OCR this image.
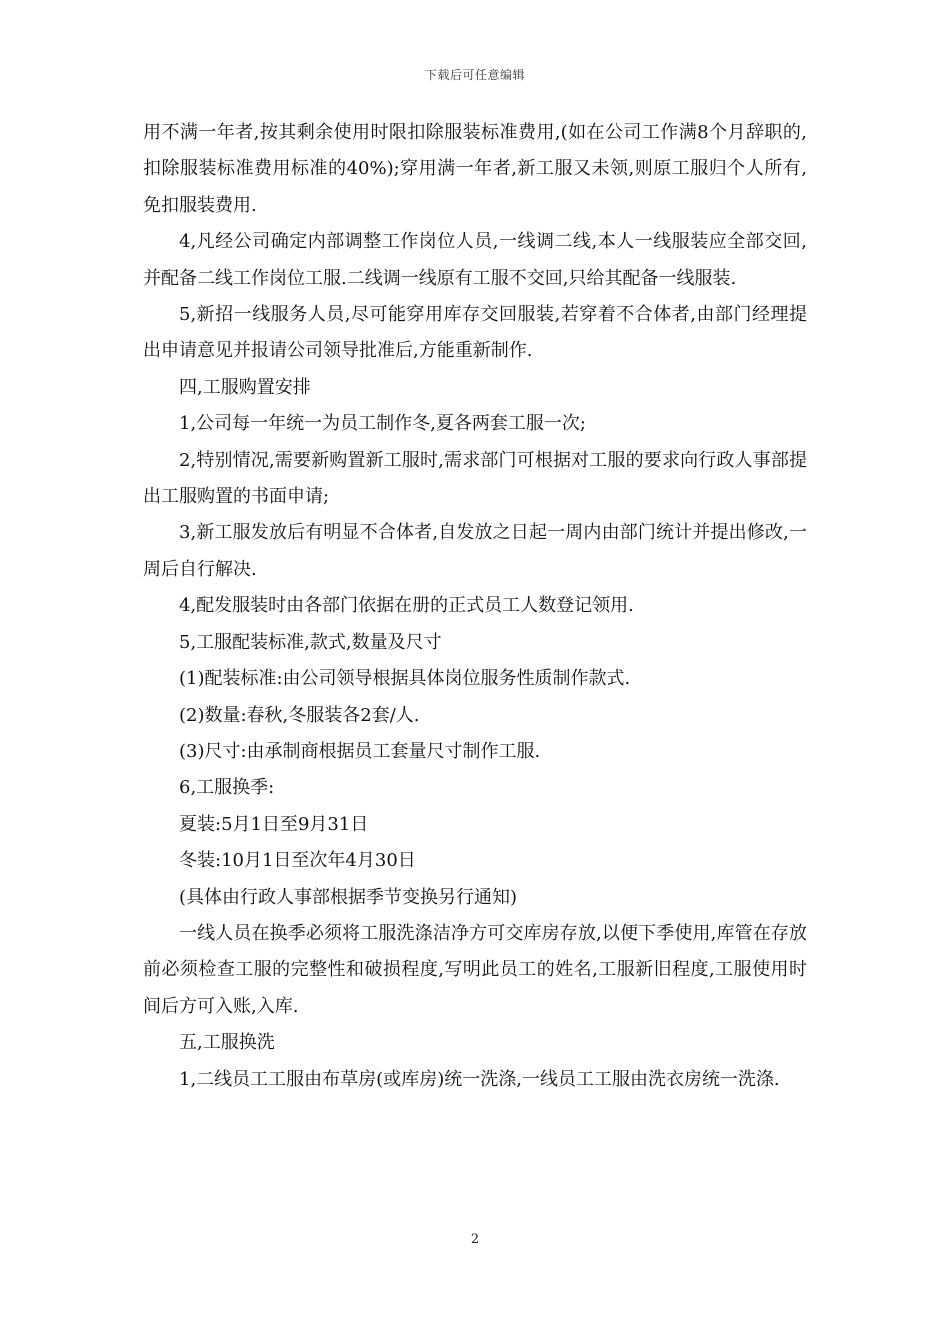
下载后可任意编辑

用不满一年者,按其剩余使用时限扣除服装标准费用,(如在公司工作满8个月辞职的,扣除服装标准费用标准的40%);穿用满一年者,新工服又未领,则原工服归个人所有,免扣服装费用.

4,凡经公司确定内部调整工作岗位人员,一线调二线,本人一线服装应全部交回,并配备二线工作岗位工服.二线调一线原有工服不交回,只给其配备一线服装.

5,新招一线服务人员,尽可能穿用库存交回服装,若穿着不合体者,由部门经理提出申请意见并报请公司领导批准后,方能重新制作.

四,工服购置安排

1,公司每一年统一为员工制作冬,夏各两套工服一次;

2,特别情况,需要新购置新工服时,需求部门可根据对工服的要求向行政人事部提出工服购置的书面申请;

3,新工服发放后有明显不合体者,自发放之日起一周内由部门统计并提出修改,一周后自行解决.

4,配发服装时由各部门依据在册的正式员工人数登记领用.

5,工服配装标准,款式,数量及尺寸

(1)配装标准:由公司领导根据具体岗位服务性质制作款式.

(2)数量:春秋,冬服装各2套/人.

(3)尺寸:由承制商根据员工套量尺寸制作工服.

6,工服换季:

夏装:5月1日至9月31日

冬装:10月1日至次年4月30日

(具体由行政人事部根据季节变换另行通知)

一线人员在换季必须将工服洗涤洁净方可交库房存放,以便下季使用,库管在存放前必须检查工服的完整性和破损程度,写明此员工的姓名,工服新旧程度,工服使用时间后方可入账,入库.

五,工服换洗

1,二线员工工服由布草房(或库房)统一洗涤,一线员工工服由洗衣房统一洗涤.

2
